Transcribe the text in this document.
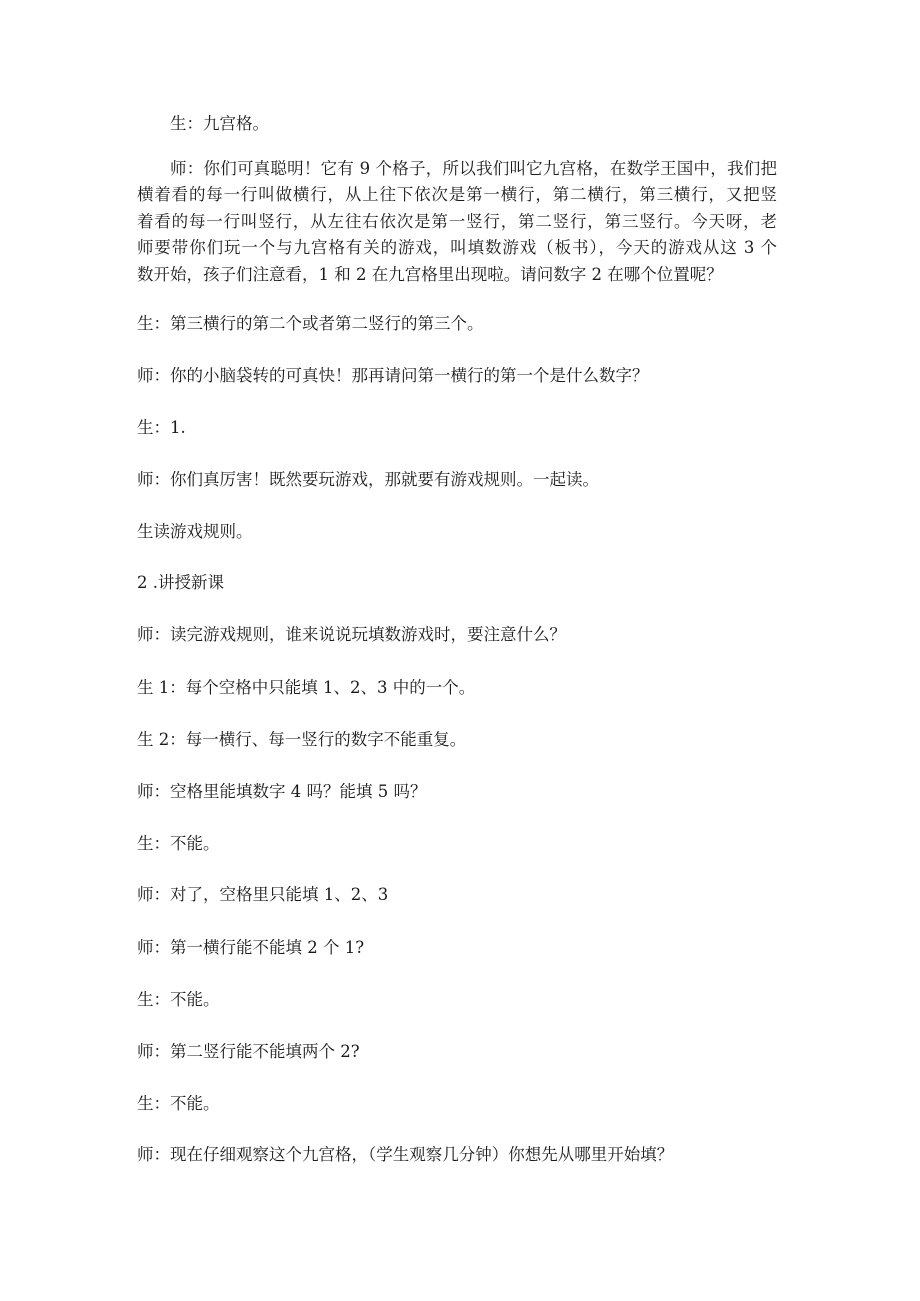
生：九宫格。
师：你们可真聪明！它有 9 个格子，所以我们叫它九宫格，在数学王国中，我们把
横着看的每一行叫做横行，从上往下依次是第一横行，第二横行，第三横行，又把竖
着看的每一行叫竖行，从左往右依次是第一竖行，第二竖行，第三竖行。今天呀，老
师要带你们玩一个与九宫格有关的游戏，叫填数游戏（板书），今天的游戏从这 3 个
数开始，孩子们注意看，1 和 2 在九宫格里出现啦。请问数字 2 在哪个位置呢？
生：第三横行的第二个或者第二竖行的第三个。
师：你的小脑袋转的可真快！那再请问第一横行的第一个是什么数字？
生：1.
师：你们真厉害！既然要玩游戏，那就要有游戏规则。一起读。
生读游戏规则。
2 .讲授新课
师：读完游戏规则，谁来说说玩填数游戏时，要注意什么？
生 1：每个空格中只能填 1、2、3 中的一个。
生 2：每一横行、每一竖行的数字不能重复。
师：空格里能填数字 4 吗？能填 5 吗？
生：不能。
师：对了，空格里只能填 1、2、3
师：第一横行能不能填 2 个 1?
生：不能。
师：第二竖行能不能填两个 2?
生：不能。
师：现在仔细观察这个九宫格，（学生观察几分钟）你想先从哪里开始填？
